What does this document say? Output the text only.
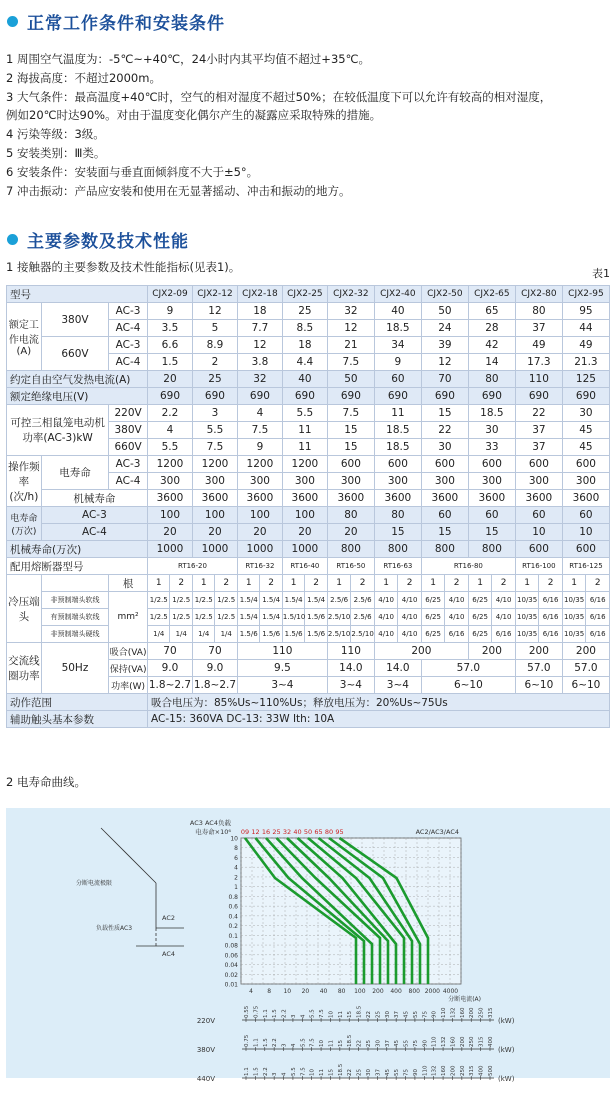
正常工作条件和安装条件
1 周围空气温度为：-5℃~+40℃，24小时内其平均值不超过+35℃。
2 海拔高度：不超过2000m。
3 大气条件：最高温度+40℃时，空气的相对湿度不超过50%；在较低温度下可以允许有较高的相对湿度，
例如20℃时达90%。对由于温度变化偶尔产生的凝露应采取特殊的措施。
4 污染等级：3级。
5 安装类别：Ⅲ类。
6 安装条件：安装面与垂直面倾斜度不大于±5°。
7 冲击振动：产品应安装和使用在无显著摇动、冲击和振动的地方。
主要参数及技术性能
1 接触器的主要参数及技术性能指标(见表1)。	表1
型号			CJX2-09		CJX2-12		CJX2-18		CJX2-25		CJX2-32		CJX2-40		CJX2-50		CJX2-65		CJX2-80		CJX2-95	
额定工作电流(A)	380V	AC-3	9		12		18		25		32		40		50		65		80		95	
		AC-4	3.5		5		7.7		8.5		12		18.5		24		28		37		44	
	660V	AC-3	6.6		8.9		12		18		21		34		39		42		49		49	
		AC-4	1.5		2		3.8		4.4		7.5		9		12		14		17.3		21.3	
约定自由空气发热电流(A)			20		25		32		40		50		60		70		80		110		125	
额定绝缘电压(V)			690		690		690		690		690		690		690		690		690		690	
可控三相鼠笼电动机功率(AC-3)kW		220V	2.2		3		4		5.5		7.5		11		15		18.5		22		30	
		380V	4		5.5		7.5		11		15		18.5		22		30		37		45	
		660V	5.5		7.5		9		11		15		18.5		30		33		37		45	
操作频率(次/h)	电寿命	AC-3	1200		1200		1200		1200		600		600		600		600		600		600	
		AC-4	300		300		300		300		300		300		300		300		300		300	
	机械寿命		3600		3600		3600		3600		3600		3600		3600		3600		3600		3600	
电寿命(万次)	AC-3		100		100		100		100		80		80		60		60		60		60	
	AC-4		20		20		20		20		20		15		15		15		10		10	
机械寿命(万次)			1000		1000		1000		1000		800		800		800		800		600		600	
配用熔断器型号			RT16-20				RT16-32		RT16-40		RT16-50		RT16-63		RT16-80				RT16-100		RT16-125	
冷压端头		根	1	2	1	2	1	2	1	2	1	2	1	2	1	2	1	2	1	2	1	2
	非预制端头软线	mm²	1/2.5	1/2.5	1/2.5	1/2.5	1.5/4	1.5/4	1.5/4	1.5/4	2.5/6	2.5/6	4/10	4/10	6/25	4/10	6/25	4/10	10/35	6/16	10/35	6/16
	有预制端头软线		1/2.5	1/2.5	1/2.5	1/2.5	1.5/4	1.5/4	1.5/10	1.5/6	2.5/10	2.5/6	4/10	4/10	6/25	4/10	6/25	4/10	10/35	6/16	10/35	6/16
	非预制端头硬线		1/4	1/4	1/4	1/4	1.5/6	1.5/6	1.5/6	1.5/6	2.5/10	2.5/10	4/10	4/10	6/25	6/16	6/25	6/16	10/35	6/16	10/35	6/16
交流线圈功率	50Hz	吸合(VA)	70		70		110				110		200				200		200		200	
		保持(VA)	9.0		9.0		9.5				14.0		14.0		57.0				57.0		57.0	
		功率(W)	1.8~2.7		1.8~2.7		3~4				3~4		3~4		6~10				6~10		6~10	
动作范围			吸合电压为：85%Us~110%Us；释放电压为：20%Us~75Us																			
辅助触头基本参数			AC-15: 360VA DC-13: 33W Ith: 10A																			
2 电寿命曲线。
10
8
6
4
2
1
0.8
0.6
0.4
0.2
0.1
0.08
0.06
0.04
0.02
0.01
4 8 10 20 40 80 100 200 400 800 2000 4000
分断电流(A)
AC3 AC4负载
电寿命×10⁶	AC2/AC3/AC4
09 12 16 25 32 40 50 65 80 95
分断电流极限
负载性质AC3
AC2
AC4
220V	(kW)
0.55 0.75 1.1 1.5 2.2 3 4 5.5 7.5 10 11 15 18.5 22 25 30 37 45 55 75 90 110 132 160 200 250 315
380V	(kW)
0.75 1.1 1.5 2.2 3 4 5.5 7.5 10 11 15 18.5 22 25 30 37 45 55 75 90 110 132 160 200 250 315 400
440V	(kW)
1.1 1.5 2.2 3 4 5.5 7.5 10 11 15 18.5 22 25 30 37 45 55 75 90 110 132 160 200 250 315 400 500
